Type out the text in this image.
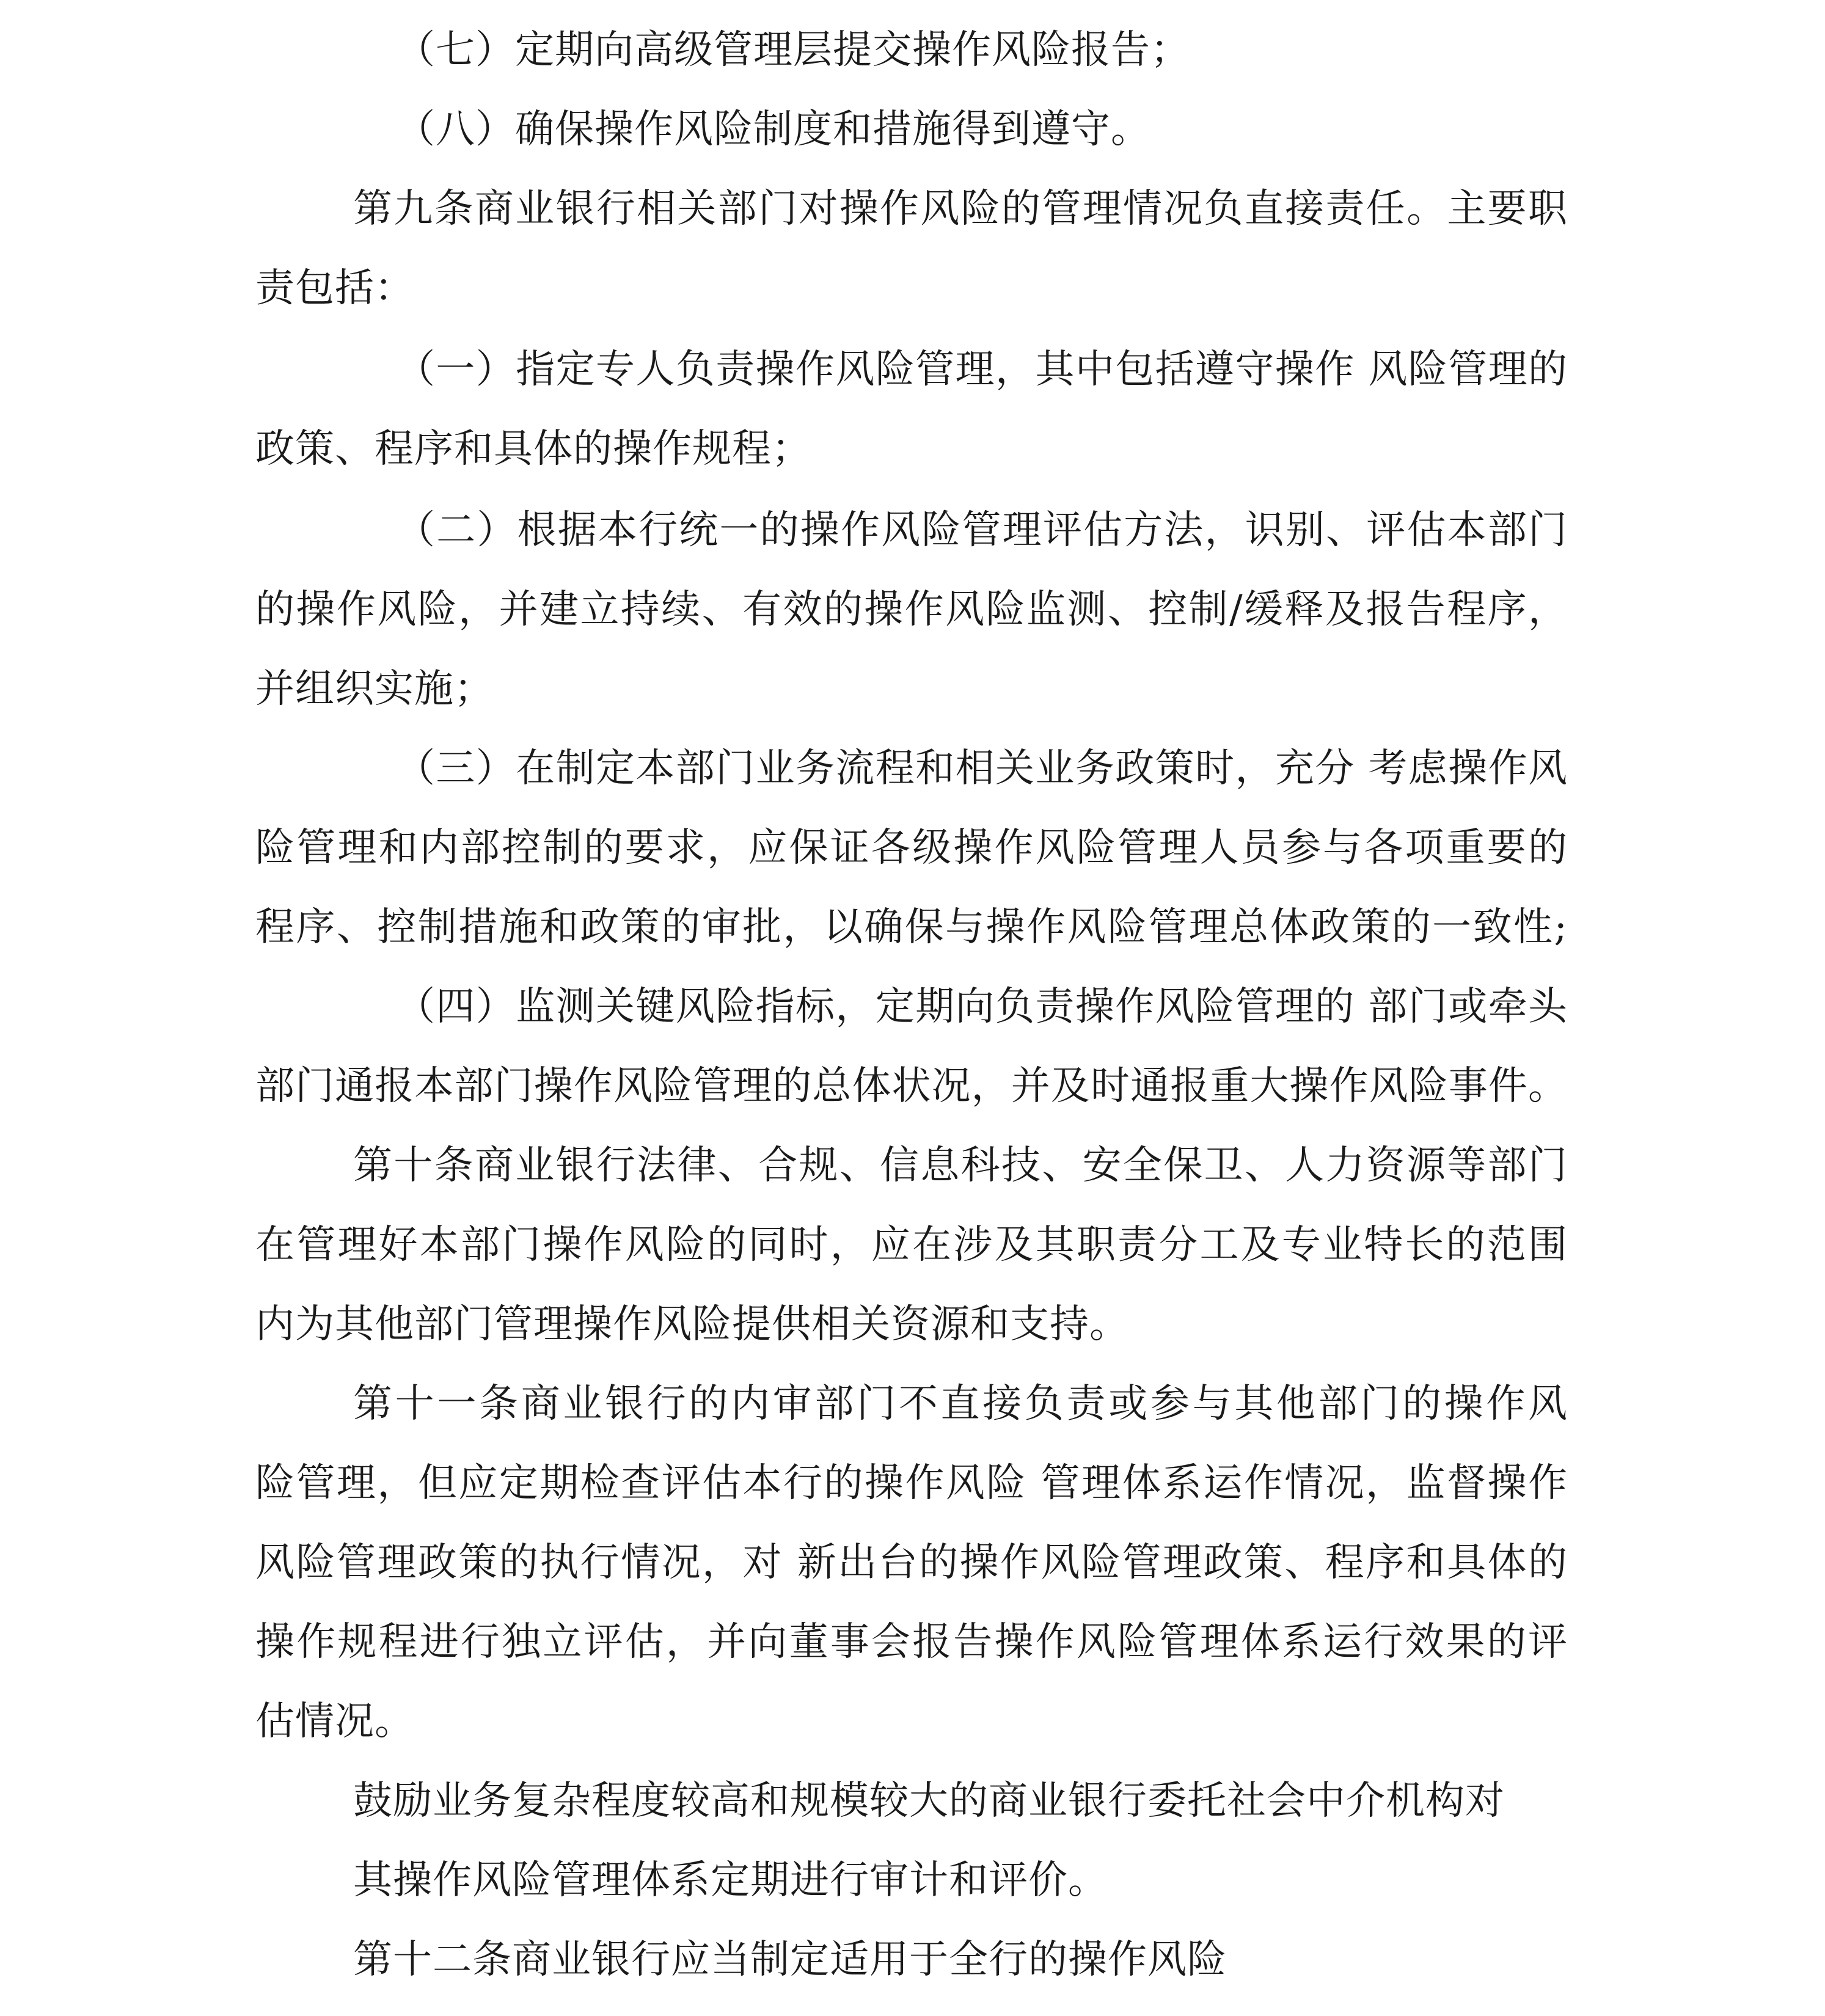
（七）定期向高级管理层提交操作风险报告；
（八）确保操作风险制度和措施得到遵守。
第九条商业银行相关部门对操作风险的管理情况负直接责任。主要职
责包括：
（一）指定专人负责操作风险管理，其中包括遵守操作 风险管理的
政策、程序和具体的操作规程；
（二）根据本行统一的操作风险管理评估方法，识别、评估本部门
的操作风险，并建立持续、有效的操作风险监测、控制/缓释及报告程序，
并组织实施；
（三）在制定本部门业务流程和相关业务政策时，充分 考虑操作风
险管理和内部控制的要求，应保证各级操作风险管理人员参与各项重要的
程序、控制措施和政策的审批，以确保与操作风险管理总体政策的一致性;
（四）监测关键风险指标，定期向负责操作风险管理的 部门或牵头
部门通报本部门操作风险管理的总体状况，并及时通报重大操作风险事件。
第十条商业银行法律、合规、信息科技、安全保卫、人力资源等部门
在管理好本部门操作风险的同时，应在涉及其职责分工及专业特长的范围
内为其他部门管理操作风险提供相关资源和支持。
第十一条商业银行的内审部门不直接负责或参与其他部门的操作风
险管理，但应定期检查评估本行的操作风险 管理体系运作情况，监督操作
风险管理政策的执行情况，对 新出台的操作风险管理政策、程序和具体的
操作规程进行独立评估，并向董事会报告操作风险管理体系运行效果的评
估情况。
鼓励业务复杂程度较高和规模较大的商业银行委托社会中介机构对
其操作风险管理体系定期进行审计和评价。
第十二条商业银行应当制定适用于全行的操作风险
